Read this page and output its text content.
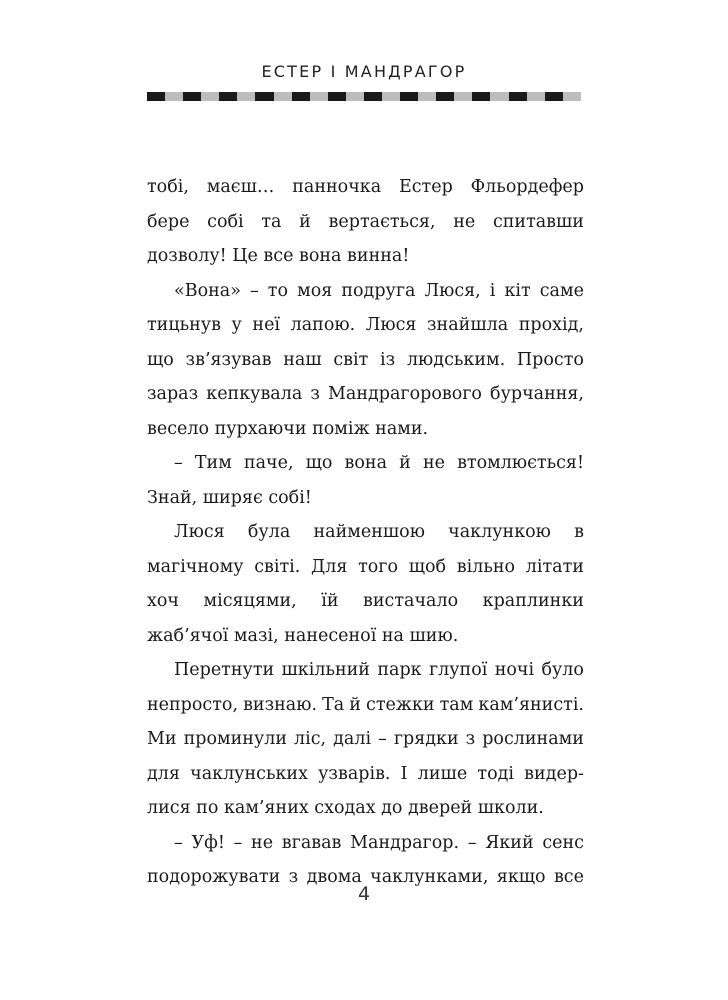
ЕСТЕР І МАНДРАГОР
тобі, маєш… панночка Естер Фльордефер
бере собі та й вертається, не спитавши
дозволу! Це все вона винна!
«Вона» – то моя подруга Люся, і кіт саме
тицьнув у неї лапою. Люся знайшла прохід,
що зв’язував наш світ із людським. Просто
зараз кепкувала з Мандрагорового бурчання,
весело пурхаючи поміж нами.
– Тим паче, що вона й не втомлюється!
Знай, ширяє собі!
Люся була найменшою чаклункою в
магічному світі. Для того щоб вільно літати
хоч місяцями, їй вистачало краплинки
жаб’ячої мазі, нанесеної на шию.
Перетнути шкільний парк глупої ночі було
непросто, визнаю. Та й стежки там кам’янисті.
Ми проминули ліс, далі – грядки з рослинами
для чаклунських узварів. І лише тоді видер-
лися по кам’яних сходах до дверей школи.
– Уф! – не вгавав Мандрагор. – Який сенс
подорожувати з двома чаклунками, якщо все
4
